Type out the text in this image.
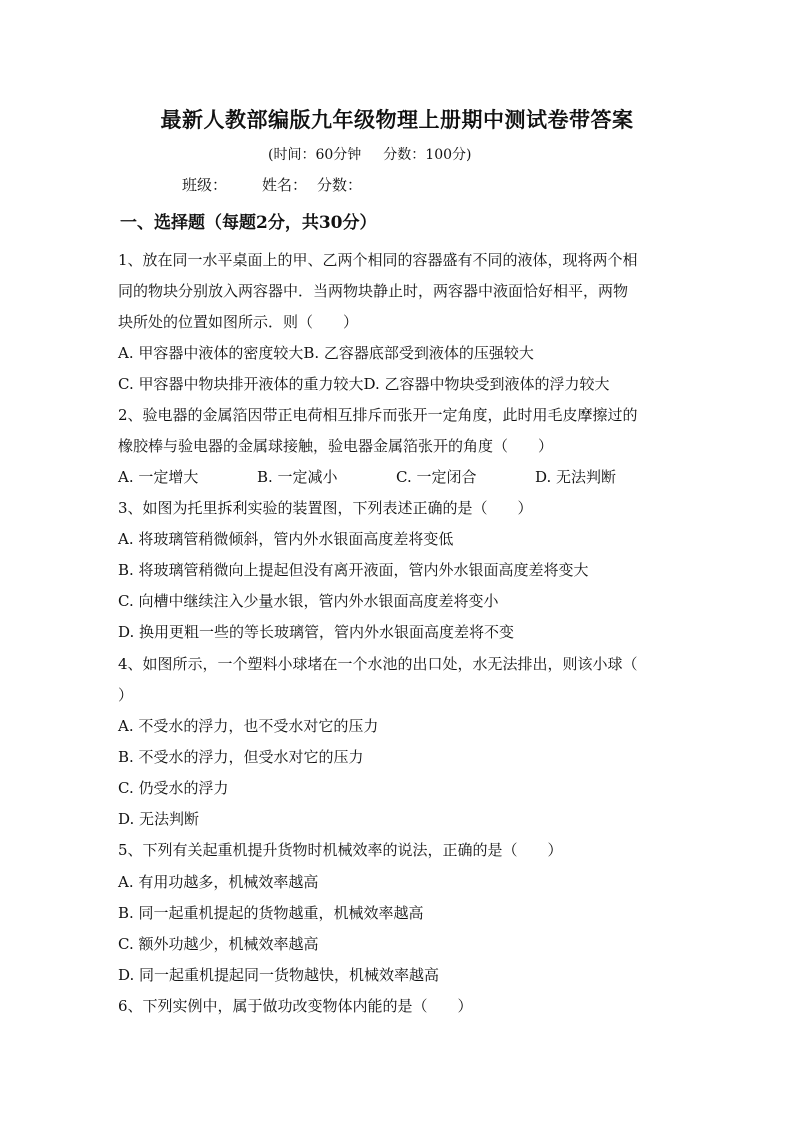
最新人教部编版九年级物理上册期中测试卷带答案
(时间：60分钟 分数：100分)
班级： 姓名： 分数：
一、选择题（每题2分，共30分）
1、放在同一水平桌面上的甲、乙两个相同的容器盛有不同的液体，现将两个相
同的物块分别放入两容器中．当两物块静止时，两容器中液面恰好相平，两物
块所处的位置如图所示．则（　　）
A. 甲容器中液体的密度较大B. 乙容器底部受到液体的压强较大
C. 甲容器中物块排开液体的重力较大D. 乙容器中物块受到液体的浮力较大
2、验电器的金属箔因带正电荷相互排斥而张开一定角度，此时用毛皮摩擦过的
橡胶棒与验电器的金属球接触，验电器金属箔张开的角度（　　）
A. 一定增大	B. 一定减小	C. 一定闭合	D. 无法判断
3、如图为托里拆利实验的装置图，下列表述正确的是（　　）
A. 将玻璃管稍微倾斜，管内外水银面高度差将变低
B. 将玻璃管稍微向上提起但没有离开液面，管内外水银面高度差将变大
C. 向槽中继续注入少量水银，管内外水银面高度差将变小
D. 换用更粗一些的等长玻璃管，管内外水银面高度差将不变
4、如图所示，一个塑料小球堵在一个水池的出口处，水无法排出，则该小球（
）
A. 不受水的浮力，也不受水对它的压力
B. 不受水的浮力，但受水对它的压力
C. 仍受水的浮力
D. 无法判断
5、下列有关起重机提升货物时机械效率的说法，正确的是（　　）
A. 有用功越多，机械效率越高
B. 同一起重机提起的货物越重，机械效率越高
C. 额外功越少，机械效率越高
D. 同一起重机提起同一货物越快，机械效率越高
6、下列实例中，属于做功改变物体内能的是（　　）
